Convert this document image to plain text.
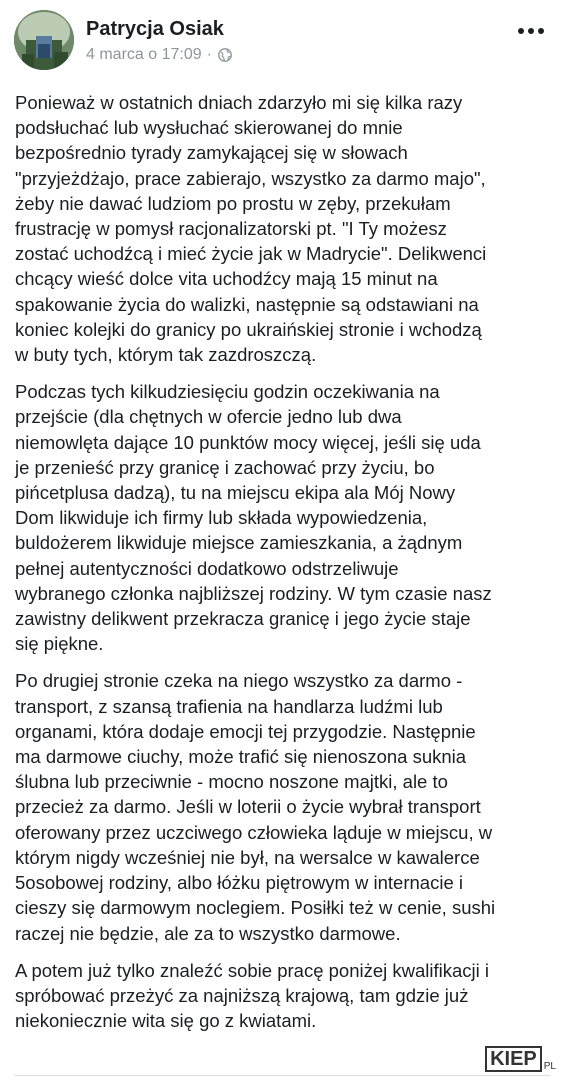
Patrycja Osiak
4 marca o 17:09 ·

Ponieważ w ostatnich dniach zdarzyło mi się kilka razy
podsłuchać lub wysłuchać skierowanej do mnie
bezpośrednio tyrady zamykającej się w słowach
"przyjeżdżajo, prace zabierajo, wszystko za darmo majo",
żeby nie dawać ludziom po prostu w zęby, przekułam
frustrację w pomysł racjonalizatorski pt. "I Ty możesz
zostać uchodźcą i mieć życie jak w Madrycie". Delikwenci
chcący wieść dolce vita uchodźcy mają 15 minut na
spakowanie życia do walizki, następnie są odstawiani na
koniec kolejki do granicy po ukraińskiej stronie i wchodzą
w buty tych, którym tak zazdroszczą.

Podczas tych kilkudziesięciu godzin oczekiwania na
przejście (dla chętnych w ofercie jedno lub dwa
niemowlęta dające 10 punktów mocy więcej, jeśli się uda
je przenieść przy granicę i zachować przy życiu, bo
pińcetplusa dadzą), tu na miejscu ekipa ala Mój Nowy
Dom likwiduje ich firmy lub składa wypowiedzenia,
buldożerem likwiduje miejsce zamieszkania, a żądnym
pełnej autentyczności dodatkowo odstrzeliwuje
wybranego członka najbliższej rodziny. W tym czasie nasz
zawistny delikwent przekracza granicę i jego życie staje
się piękne.

Po drugiej stronie czeka na niego wszystko za darmo -
transport, z szansą trafienia na handlarza ludźmi lub
organami, która dodaje emocji tej przygodzie. Następnie
ma darmowe ciuchy, może trafić się nienoszona suknia
ślubna lub przeciwnie - mocno noszone majtki, ale to
przecież za darmo. Jeśli w loterii o życie wybrał transport
oferowany przez uczciwego człowieka ląduje w miejscu, w
którym nigdy wcześniej nie był, na wersalce w kawalerce
5osobowej rodziny, albo łóżku piętrowym w internacie i
cieszy się darmowym noclegiem. Posiłki też w cenie, sushi
raczej nie będzie, ale za to wszystko darmowe.

A potem już tylko znaleźć sobie pracę poniżej kwalifikacji i
spróbować przeżyć za najniższą krajową, tam gdzie już
niekoniecznie wita się go z kwiatami.

KIEP PL
